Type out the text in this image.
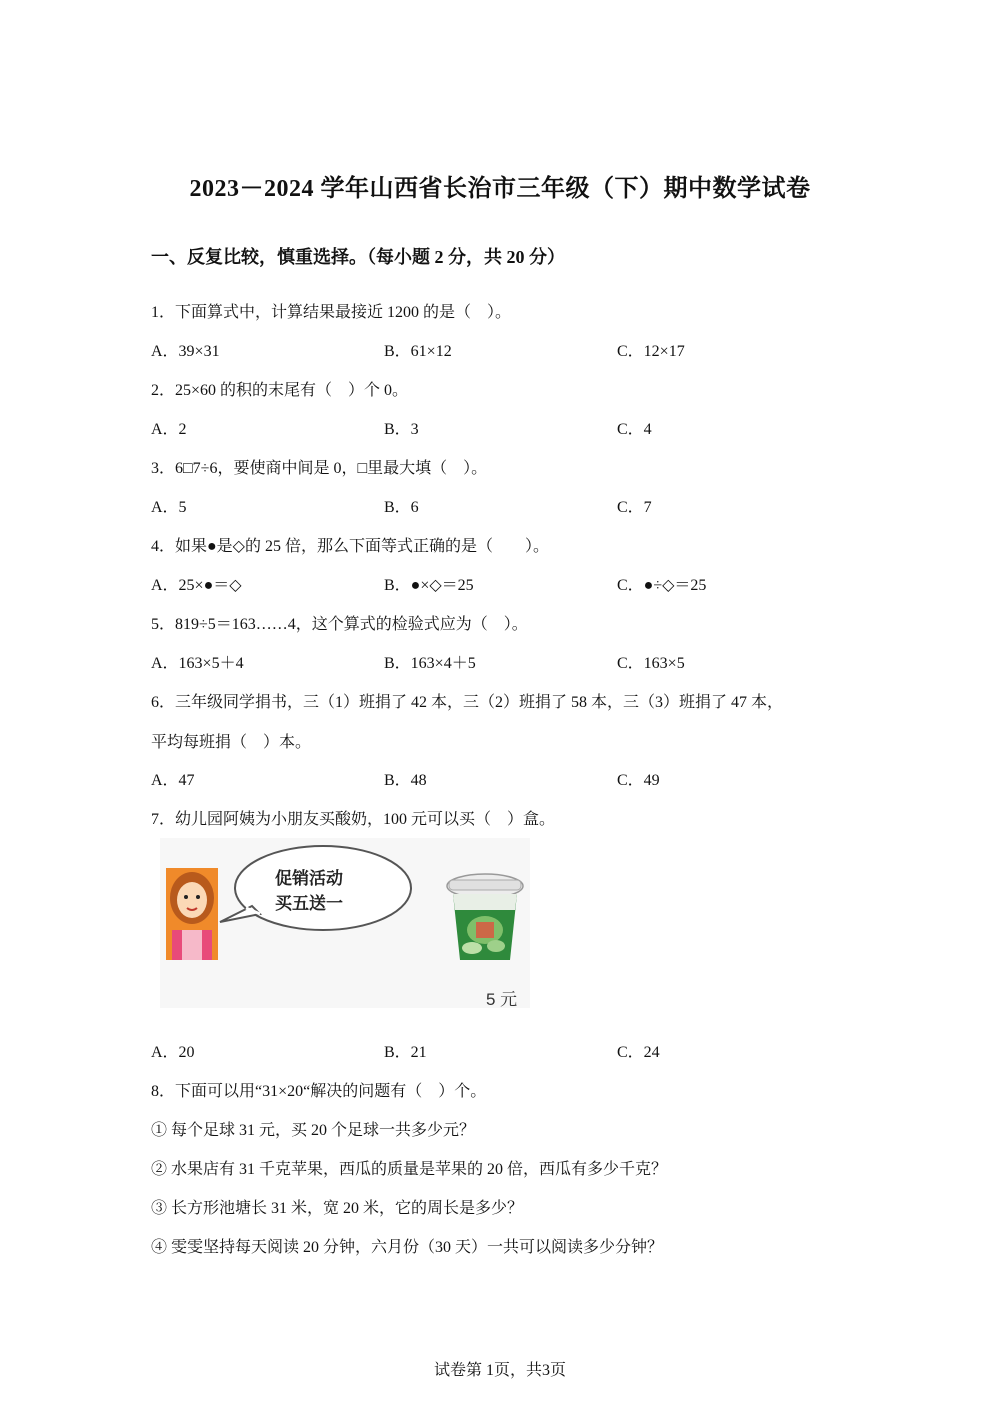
2023－2024 学年山西省长治市三年级（下）期中数学试卷
一、反复比较，慎重选择。（每小题 2 分，共 20 分）
1．下面算式中，计算结果最接近 1200 的是（　）。
A．39×31	B．61×12	C．12×17
2．25×60 的积的末尾有（　）个 0。
A．2	B．3	C．4
3．6□7÷6，要使商中间是 0，□里最大填（　）。
A．5	B．6	C．7
4．如果●是◇的 25 倍，那么下面等式正确的是（　　）。
A．25×●＝◇	B．●×◇＝25	C．●÷◇＝25
5．819÷5＝163……4，这个算式的检验式应为（　）。
A．163×5＋4	B．163×4＋5	C．163×5
6．三年级同学捐书，三（1）班捐了 42 本，三（2）班捐了 58 本，三（3）班捐了 47 本，
平均每班捐（　）本。
A．47	B．48	C．49
7．幼儿园阿姨为小朋友买酸奶，100 元可以买（　）盒。
促销活动
买五送一
5 元
A．20	B．21	C．24
8．下面可以用“31×20“解决的问题有（　）个。
① 每个足球 31 元，买 20 个足球一共多少元？
② 水果店有 31 千克苹果，西瓜的质量是苹果的 20 倍，西瓜有多少千克？
③ 长方形池塘长 31 米，宽 20 米，它的周长是多少？
④ 雯雯坚持每天阅读 20 分钟，六月份（30 天）一共可以阅读多少分钟？
试卷第 1页，共3页
